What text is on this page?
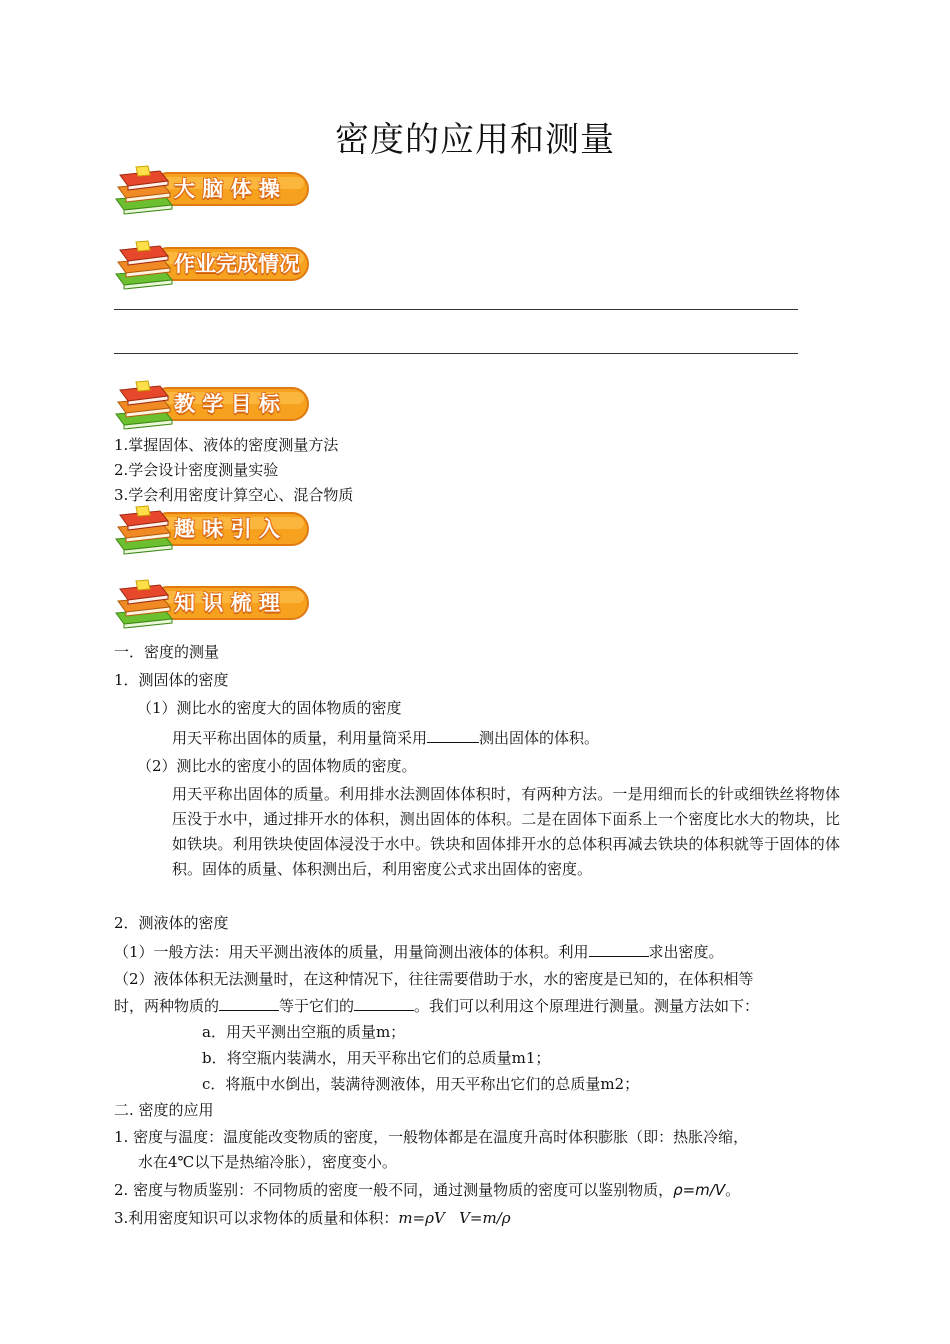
密度的应用和测量
大 脑 体 操
作业完成情况
教 学 目 标
1.掌握固体、液体的密度测量方法
2.学会设计密度测量实验
3.学会利用密度计算空心、混合物质
趣 味 引 入
知 识 梳 理
一．密度的测量
1．测固体的密度
（1）测比水的密度大的固体物质的密度
用天平称出固体的质量，利用量筒采用	测出固体的体积。
（2）测比水的密度小的固体物质的密度。
用天平称出固体的质量。利用排水法测固体体积时，有两种方法。一是用细而长的针或细铁丝将物体压没于水中，通过排开水的体积，测出固体的体积。二是在固体下面系上一个密度比水大的物块，比如铁块。利用铁块使固体浸没于水中。铁块和固体排开水的总体积再减去铁块的体积就等于固体的体积。固体的质量、体积测出后，利用密度公式求出固体的密度。
2．测液体的密度
（1）一般方法：用天平测出液体的质量，用量筒测出液体的体积。利用	求出密度。
（2）液体体积无法测量时，在这种情况下，往往需要借助于水，水的密度是已知的，在体积相等
时，两种物质的	等于它们的	。我们可以利用这个原理进行测量。测量方法如下：
a．用天平测出空瓶的质量m；
b．将空瓶内装满水，用天平称出它们的总质量m1；
c．将瓶中水倒出，装满待测液体，用天平称出它们的总质量m2；
二. 密度的应用
1. 密度与温度：温度能改变物质的密度，一般物体都是在温度升高时体积膨胀（即：热胀冷缩，
水在4℃以下是热缩冷胀），密度变小。
2. 密度与物质鉴别：不同物质的密度一般不同，通过测量物质的密度可以鉴别物质，ρ=m/V。
3.利用密度知识可以求物体的质量和体积：m=ρV   V=m/ρ
